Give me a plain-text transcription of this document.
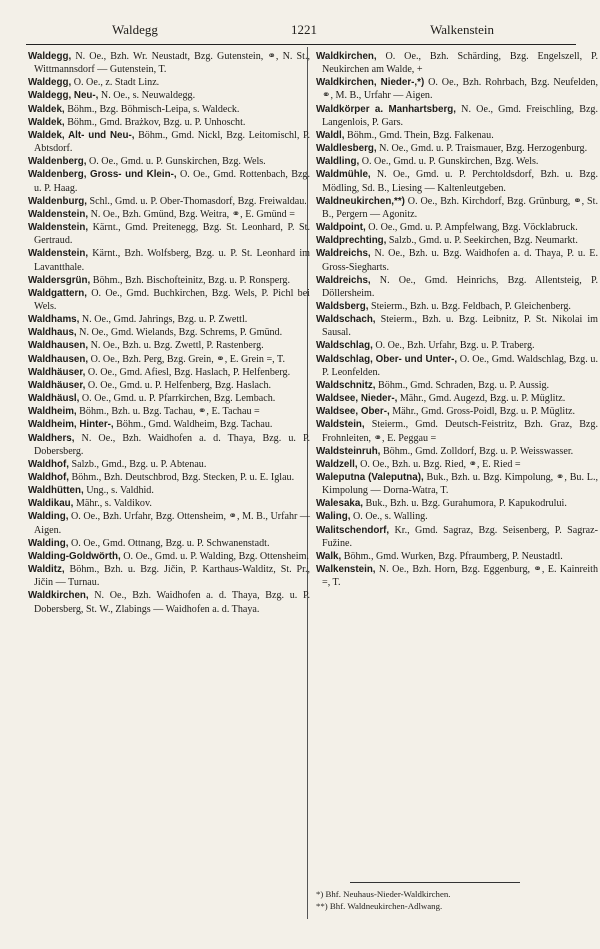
Waldegg	1221	Walkenstein

Waldegg, N. Oe., Bzh. Wr. Neustadt, Bzg. Gutenstein, ⚭, N. St., Wittmannsdorf — Gutenstein, T.

Waldegg, O. Oe., z. Stadt Linz.

Waldegg, Neu-, N. Oe., s. Neuwaldegg.

Waldek, Böhm., Bzg. Böhmisch-Leipa, s. Waldeck.

Waldek, Böhm., Gmd. Brażkov, Bzg. u. P. Unhoscht.

Waldek, Alt- und Neu-, Böhm., Gmd. Nickl, Bzg. Leitomischl, P. Abtsdorf.

Waldenberg, O. Oe., Gmd. u. P. Gunskirchen, Bzg. Wels.

Waldenberg, Gross- und Klein-, O. Oe., Gmd. Rottenbach, Bzg. u. P. Haag.

Waldenburg, Schl., Gmd. u. P. Ober-Thomasdorf, Bzg. Freiwaldau.

Waldenstein, N. Oe., Bzh. Gmünd, Bzg. Weitra, ⚭, E. Gmünd =

Waldenstein, Kärnt., Gmd. Preitenegg, Bzg. St. Leonhard, P. St. Gertraud.

Waldenstein, Kärnt., Bzh. Wolfsberg, Bzg. u. P. St. Leonhard im Lavantthale.

Waldersgrün, Böhm., Bzh. Bischofteinitz, Bzg. u. P. Ronsperg.

Waldgattern, O. Oe., Gmd. Buchkirchen, Bzg. Wels, P. Pichl bei Wels.

Waldhams, N. Oe., Gmd. Jahrings, Bzg. u. P. Zwettl.

Waldhaus, N. Oe., Gmd. Wielands, Bzg. Schrems, P. Gmünd.

Waldhausen, N. Oe., Bzh. u. Bzg. Zwettl, P. Rastenberg.

Waldhausen, O. Oe., Bzh. Perg, Bzg. Grein, ⚭, E. Grein =, T.

Waldhäuser, O. Oe., Gmd. Afiesl, Bzg. Haslach, P. Helfenberg.

Waldhäuser, O. Oe., Gmd. u. P. Helfenberg, Bzg. Haslach.

Waldhäusl, O. Oe., Gmd. u. P. Pfarrkirchen, Bzg. Lembach.

Waldheim, Böhm., Bzh. u. Bzg. Tachau, ⚭, E. Tachau =

Waldheim, Hinter-, Böhm., Gmd. Waldheim, Bzg. Tachau.

Waldhers, N. Oe., Bzh. Waidhofen a. d. Thaya, Bzg. u. P. Dobersberg.

Waldhof, Salzb., Gmd., Bzg. u. P. Abtenau.

Waldhof, Böhm., Bzh. Deutschbrod, Bzg. Stecken, P. u. E. Iglau.

Waldhütten, Ung., s. Valdhid.

Waldikau, Mähr., s. Valdikov.

Walding, O. Oe., Bzh. Urfahr, Bzg. Ottensheim, ⚭, M. B., Urfahr — Aigen.

Walding, O. Oe., Gmd. Ottnang, Bzg. u. P. Schwanenstadt.

Walding-Goldwörth, O. Oe., Gmd. u. P. Walding, Bzg. Ottensheim.

Walditz, Böhm., Bzh. u. Bzg. Jičin, P. Karthaus-Walditz, St. Pr., Jičin — Turnau.

Waldkirchen, N. Oe., Bzh. Waidhofen a. d. Thaya, Bzg. u. P. Dobersberg, St. W., Zlabings — Waidhofen a. d. Thaya.

Waldkirchen, O. Oe., Bzh. Schärding, Bzg. Engelszell, P. Neukirchen am Walde, +

Waldkirchen, Nieder-,*) O. Oe., Bzh. Rohrbach, Bzg. Neufelden, ⚭, M. B., Urfahr — Aigen.

Waldkörper a. Manhartsberg, N. Oe., Gmd. Freischling, Bzg. Langenlois, P. Gars.

Waldl, Böhm., Gmd. Thein, Bzg. Falkenau.

Waldlesberg, N. Oe., Gmd. u. P. Traismauer, Bzg. Herzogenburg.

Waldling, O. Oe., Gmd. u. P. Gunskirchen, Bzg. Wels.

Waldmühle, N. Oe., Gmd. u. P. Perchtoldsdorf, Bzh. u. Bzg. Mödling, Sd. B., Liesing — Kaltenleutgeben.

Waldneukirchen,**) O. Oe., Bzh. Kirchdorf, Bzg. Grünburg, ⚭, St. B., Pergern — Agonitz.

Waldpoint, O. Oe., Gmd. u. P. Ampfelwang, Bzg. Vöcklabruck.

Waldprechting, Salzb., Gmd. u. P. Seekirchen, Bzg. Neumarkt.

Waldreichs, N. Oe., Bzh. u. Bzg. Waidhofen a. d. Thaya, P. u. E. Gross-Siegharts.

Waldreichs, N. Oe., Gmd. Heinrichs, Bzg. Allentsteig, P. Döllersheim.

Waldsberg, Steierm., Bzh. u. Bzg. Feldbach, P. Gleichenberg.

Waldschach, Steierm., Bzh. u. Bzg. Leibnitz, P. St. Nikolai im Sausal.

Waldschlag, O. Oe., Bzh. Urfahr, Bzg. u. P. Traberg.

Waldschlag, Ober- und Unter-, O. Oe., Gmd. Waldschlag, Bzg. u. P. Leonfelden.

Waldschnitz, Böhm., Gmd. Schraden, Bzg. u. P. Aussig.

Waldsee, Nieder-, Mähr., Gmd. Augezd, Bzg. u. P. Müglitz.

Waldsee, Ober-, Mähr., Gmd. Gross-Poidl, Bzg. u. P. Müglitz.

Waldstein, Steierm., Gmd. Deutsch-Feistritz, Bzh. Graz, Bzg. Frohnleiten, ⚭, E. Peggau =

Waldsteinruh, Böhm., Gmd. Zolldorf, Bzg. u. P. Weisswasser.

Waldzell, O. Oe., Bzh. u. Bzg. Ried, ⚭, E. Ried =

Waleputna (Valeputna), Buk., Bzh. u. Bzg. Kimpolung, ⚭, Bu. L., Kimpolung — Dorna-Watra, T.

Walesaka, Buk., Bzh. u. Bzg. Gurahumora, P. Kapukodrului.

Waling, O. Oe., s. Walling.

Walitschendorf, Kr., Gmd. Sagraz, Bzg. Seisenberg, P. Sagraz-Fužine.

Walk, Böhm., Gmd. Wurken, Bzg. Pfraumberg, P. Neustadtl.

Walkenstein, N. Oe., Bzh. Horn, Bzg. Eggenburg, ⚭, E. Kainreith =, T.

*) Bhf. Neuhaus-Nieder-Waldkirchen.
**) Bhf. Waldneukirchen-Adlwang.
